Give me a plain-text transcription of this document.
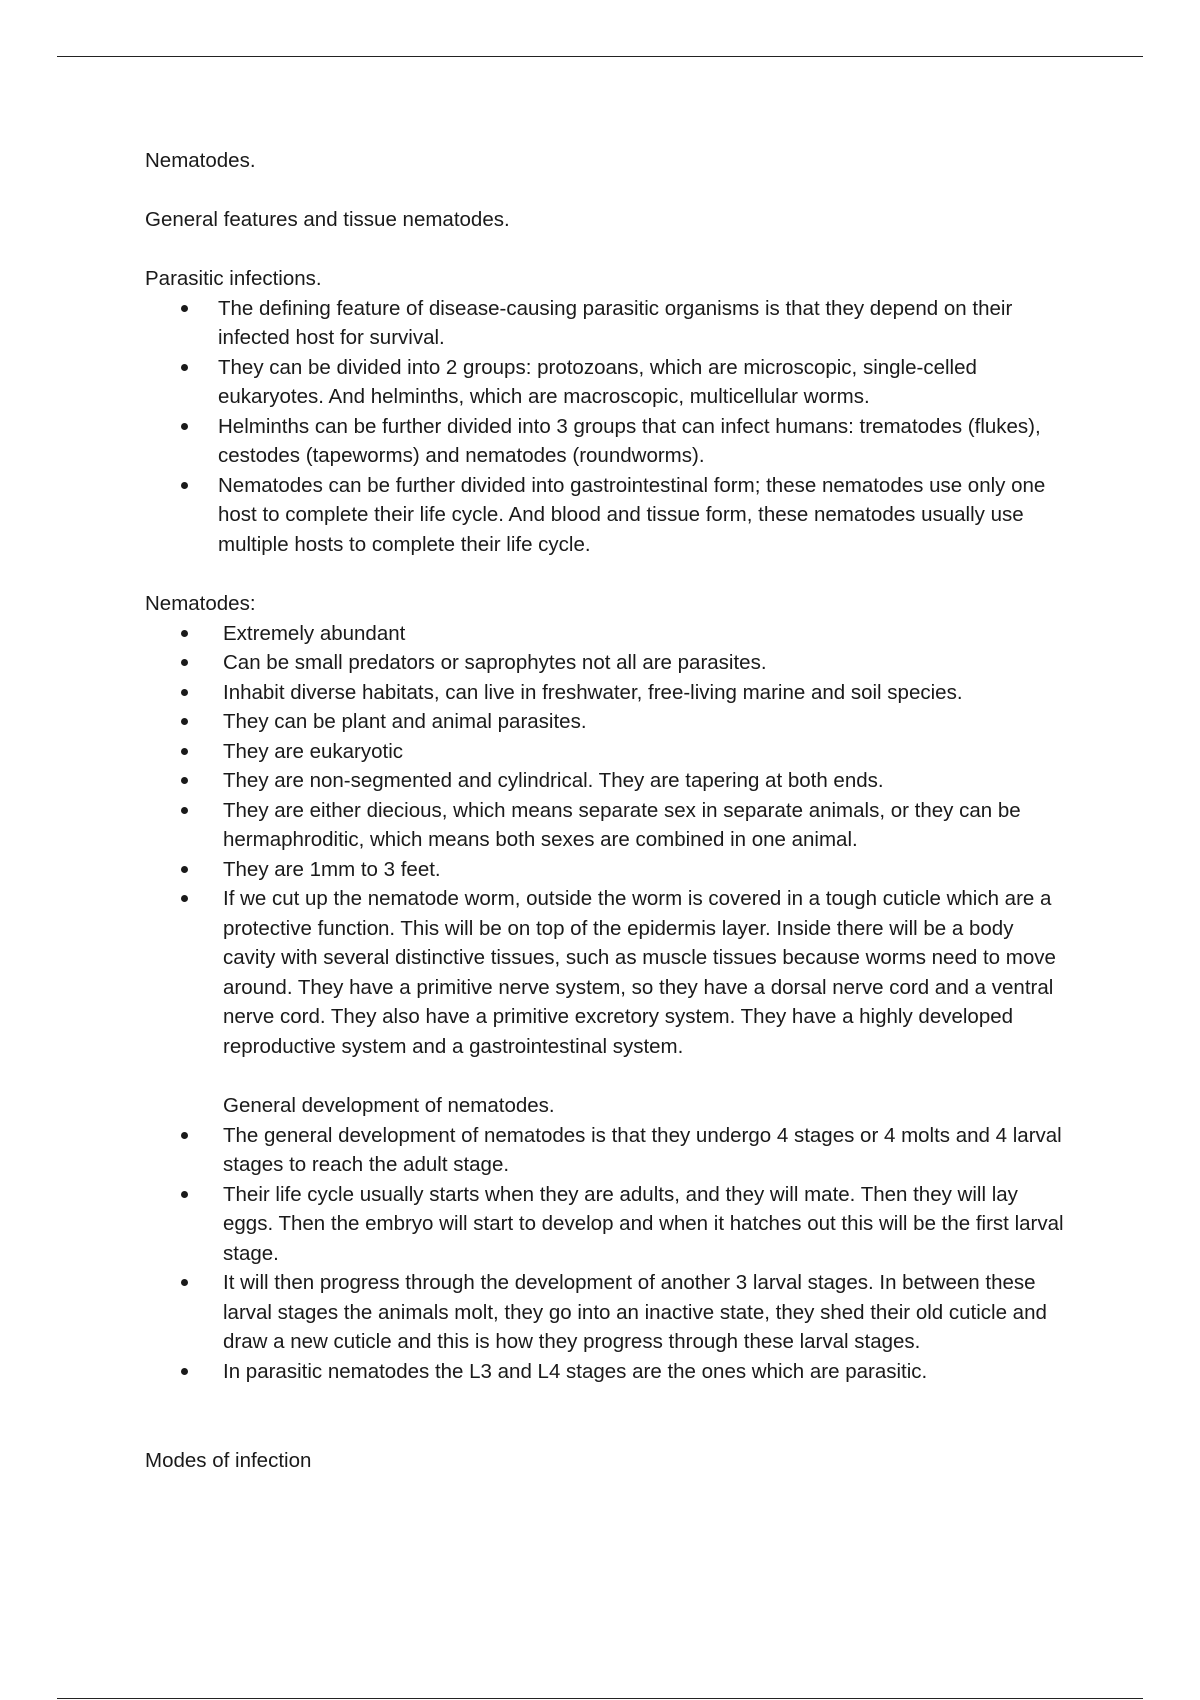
Nematodes.

General features and tissue nematodes.

Parasitic infections.

The defining feature of disease-causing parasitic organisms is that they depend on their infected host for survival.
They can be divided into 2 groups: protozoans, which are microscopic, single-celled eukaryotes. And helminths, which are macroscopic, multicellular worms.
Helminths can be further divided into 3 groups that can infect humans: trematodes (flukes), cestodes (tapeworms) and nematodes (roundworms).
Nematodes can be further divided into gastrointestinal form; these nematodes use only one host to complete their life cycle. And blood and tissue form, these nematodes usually use multiple hosts to complete their life cycle.

Nematodes:

Extremely abundant
Can be small predators or saprophytes not all are parasites.
Inhabit diverse habitats, can live in freshwater, free-living marine and soil species.
They can be plant and animal parasites.
They are eukaryotic
They are non-segmented and cylindrical. They are tapering at both ends.
They are either diecious, which means separate sex in separate animals, or they can be hermaphroditic, which means both sexes are combined in one animal.
They are 1mm to 3 feet.
If we cut up the nematode worm, outside the worm is covered in a tough cuticle which are a protective function. This will be on top of the epidermis layer. Inside there will be a body cavity with several distinctive tissues, such as muscle tissues because worms need to move around. They have a primitive nerve system, so they have a dorsal nerve cord and a ventral nerve cord. They also have a primitive excretory system. They have a highly developed reproductive system and a gastrointestinal system.

General development of nematodes.

The general development of nematodes is that they undergo 4 stages or 4 molts and 4 larval stages to reach the adult stage.
Their life cycle usually starts when they are adults, and they will mate. Then they will lay eggs. Then the embryo will start to develop and when it hatches out this will be the first larval stage.
It will then progress through the development of another 3 larval stages. In between these larval stages the animals molt, they go into an inactive state, they shed their old cuticle and draw a new cuticle and this is how they progress through these larval stages.
In parasitic nematodes the L3 and L4 stages are the ones which are parasitic.

Modes of infection
